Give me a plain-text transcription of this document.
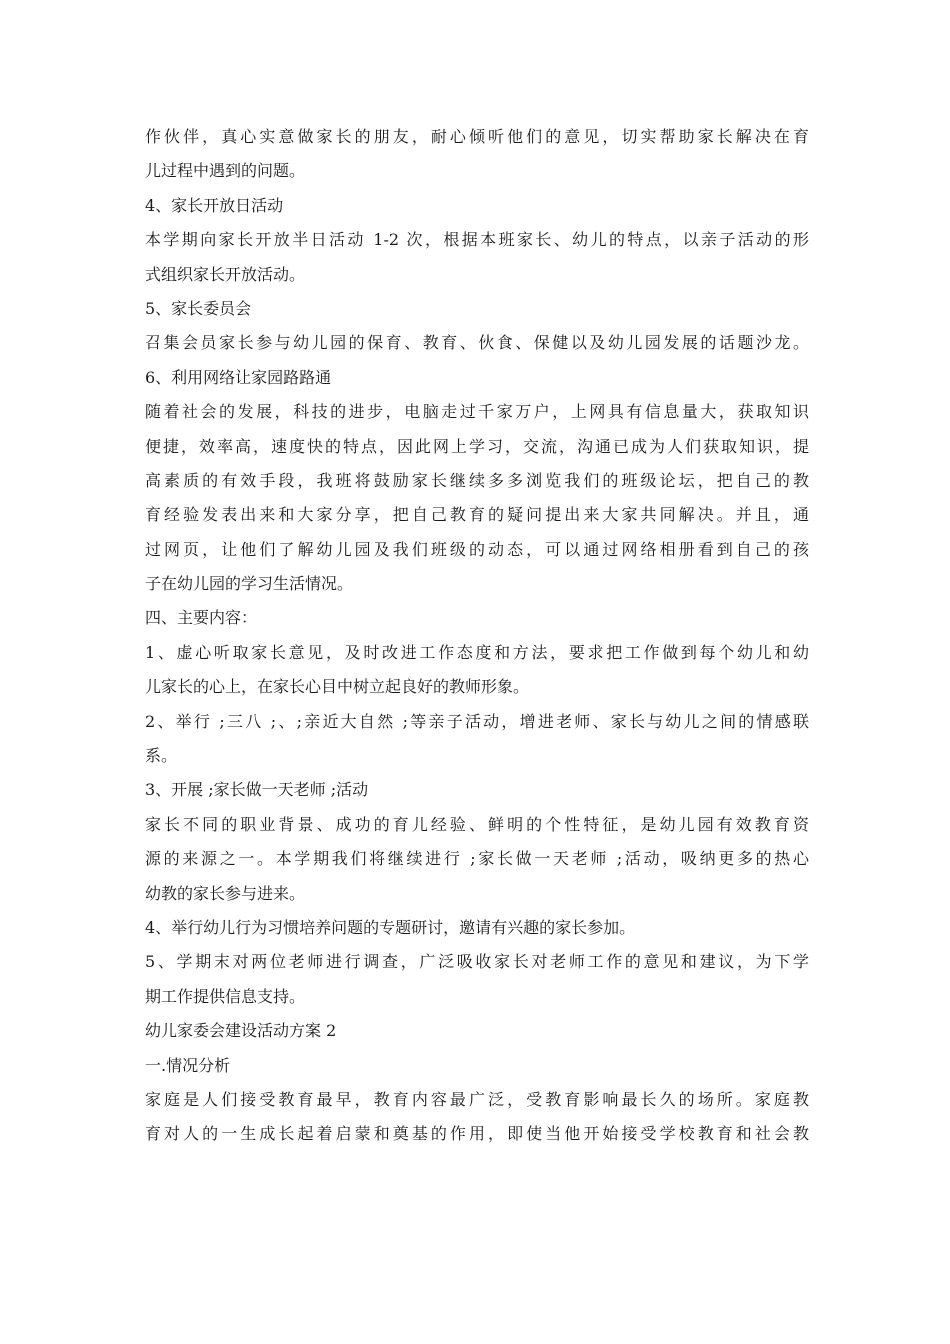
作伙伴，真心实意做家长的朋友，耐心倾听他们的意见，切实帮助家长解决在育
儿过程中遇到的问题。
4、家长开放日活动
本学期向家长开放半日活动 1-2 次，根据本班家长、幼儿的特点，以亲子活动的形
式组织家长开放活动。
5、家长委员会
召集会员家长参与幼儿园的保育、教育、伙食、保健以及幼儿园发展的话题沙龙。
6、利用网络让家园路路通
随着社会的发展，科技的进步，电脑走过千家万户，上网具有信息量大，获取知识
便捷，效率高，速度快的特点，因此网上学习，交流，沟通已成为人们获取知识，提
高素质的有效手段，我班将鼓励家长继续多多浏览我们的班级论坛，把自己的教
育经验发表出来和大家分享，把自己教育的疑问提出来大家共同解决。并且，通
过网页，让他们了解幼儿园及我们班级的动态，可以通过网络相册看到自己的孩
子在幼儿园的学习生活情况。
四、主要内容：
1、虚心听取家长意见，及时改进工作态度和方法，要求把工作做到每个幼儿和幼
儿家长的心上，在家长心目中树立起良好的教师形象。
2、举行 ;三八 ;、;亲近大自然 ;等亲子活动，增进老师、家长与幼儿之间的情感联
系。
3、开展 ;家长做一天老师 ;活动
家长不同的职业背景、成功的育儿经验、鲜明的个性特征，是幼儿园有效教育资
源的来源之一。本学期我们将继续进行 ;家长做一天老师 ;活动，吸纳更多的热心
幼教的家长参与进来。
4、举行幼儿行为习惯培养问题的专题研讨，邀请有兴趣的家长参加。
5、学期末对两位老师进行调查，广泛吸收家长对老师工作的意见和建议，为下学
期工作提供信息支持。
幼儿家委会建设活动方案 2
一.情况分析
家庭是人们接受教育最早，教育内容最广泛，受教育影响最长久的场所。家庭教
育对人的一生成长起着启蒙和奠基的作用，即使当他开始接受学校教育和社会教
